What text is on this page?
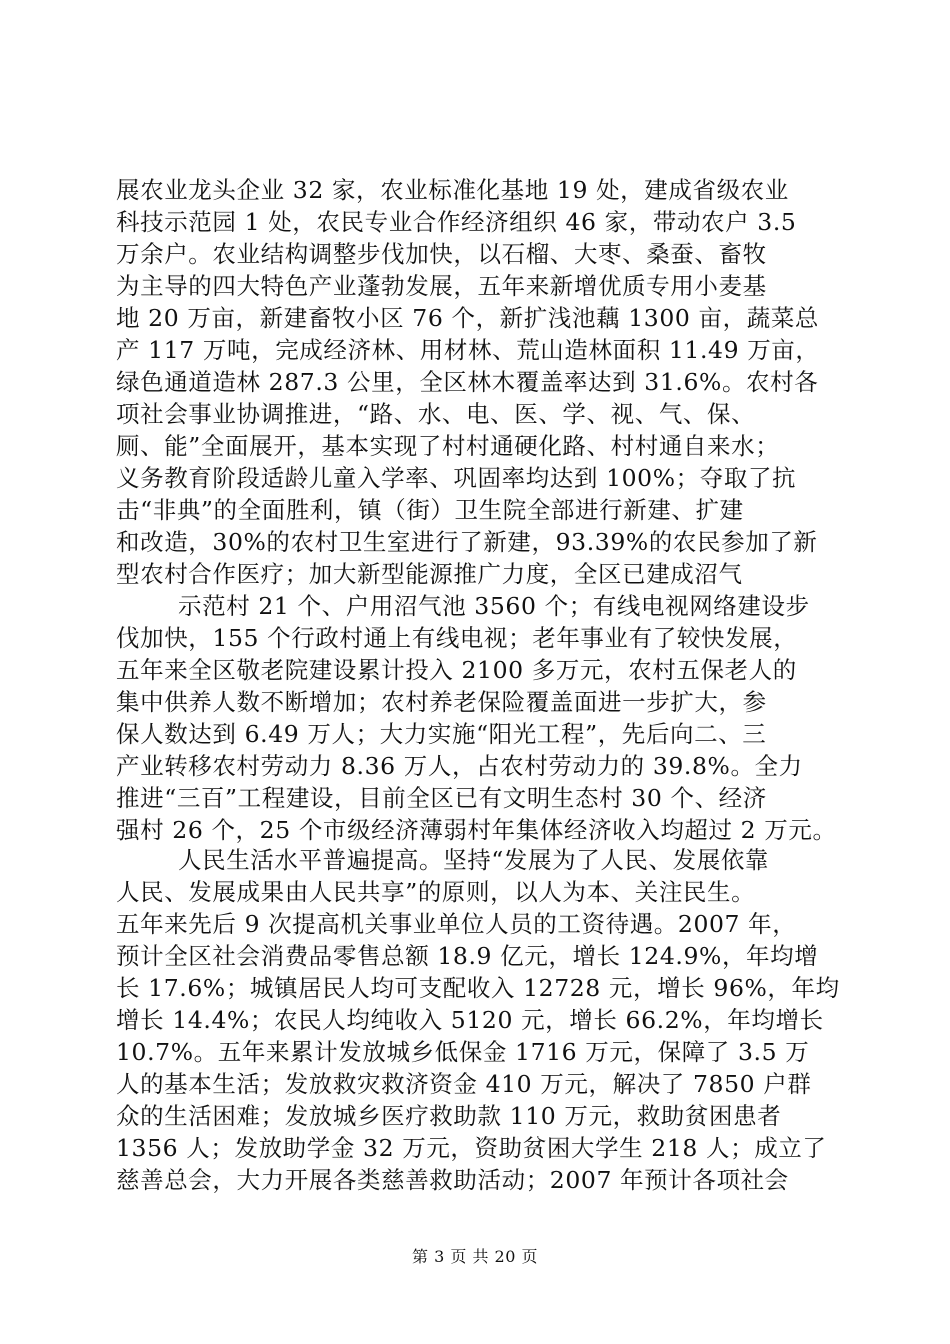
展农业龙头企业 32 家，农业标准化基地 19 处，建成省级农业
科技示范园 1 处，农民专业合作经济组织 46 家，带动农户 3.5
万余户。农业结构调整步伐加快，以石榴、大枣、桑蚕、畜牧
为主导的四大特色产业蓬勃发展，五年来新增优质专用小麦基
地 20 万亩，新建畜牧小区 76 个，新扩浅池藕 1300 亩，蔬菜总
产 117 万吨，完成经济林、用材林、荒山造林面积 11.49 万亩，
绿色通道造林 287.3 公里，全区林木覆盖率达到 31.6%。农村各
项社会事业协调推进，“路、水、电、医、学、视、气、保、
厕、能”全面展开，基本实现了村村通硬化路、村村通自来水；
义务教育阶段适龄儿童入学率、巩固率均达到 100%；夺取了抗
击“非典”的全面胜利，镇（街）卫生院全部进行新建、扩建
和改造，30%的农村卫生室进行了新建，93.39%的农民参加了新
型农村合作医疗；加大新型能源推广力度，全区已建成沼气
示范村 21 个、户用沼气池 3560 个；有线电视网络建设步
伐加快，155 个行政村通上有线电视；老年事业有了较快发展，
五年来全区敬老院建设累计投入 2100 多万元，农村五保老人的
集中供养人数不断增加；农村养老保险覆盖面进一步扩大，参
保人数达到 6.49 万人；大力实施“阳光工程”，先后向二、三
产业转移农村劳动力 8.36 万人，占农村劳动力的 39.8%。全力
推进“三百”工程建设，目前全区已有文明生态村 30 个、经济
强村 26 个，25 个市级经济薄弱村年集体经济收入均超过 2 万元。
人民生活水平普遍提高。坚持“发展为了人民、发展依靠
人民、发展成果由人民共享”的原则，以人为本、关注民生。
五年来先后 9 次提高机关事业单位人员的工资待遇。2007 年，
预计全区社会消费品零售总额 18.9 亿元，增长 124.9%，年均增
长 17.6%；城镇居民人均可支配收入 12728 元，增长 96%，年均
增长 14.4%；农民人均纯收入 5120 元，增长 66.2%，年均增长
10.7%。五年来累计发放城乡低保金 1716 万元，保障了 3.5 万
人的基本生活；发放救灾救济资金 410 万元，解决了 7850 户群
众的生活困难；发放城乡医疗救助款 110 万元，救助贫困患者
1356 人；发放助学金 32 万元，资助贫困大学生 218 人；成立了
慈善总会，大力开展各类慈善救助活动；2007 年预计各项社会
第 3 页 共 20 页
